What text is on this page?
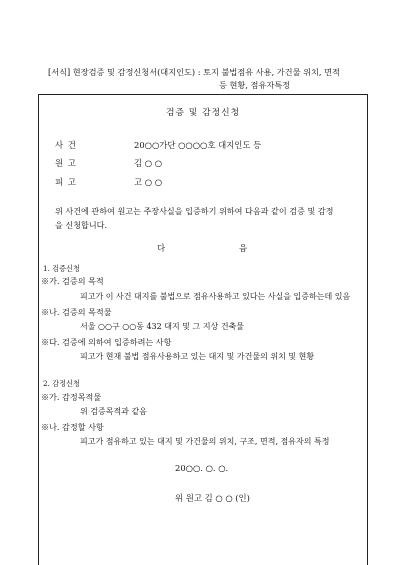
[서식] 현장검증 및 감정신청서(대지인도) : 토지 불법점유 사용, 가건물 위치, 면적
등 현황, 점유자특정
검증 및 감정신청
사 건	20○○가단 ○○○○호 대지인도 등
원 고	김 ○ ○
피 고	고 ○ ○
위 사건에 관하여 원고는 주장사실을 입증하기 위하여 다음과 같이 검증 및 감정
을 신청합니다.
다	음
1. 검증신청
※가. 검증의 목적
피고가 이 사건 대지를 불법으로 점유사용하고 있다는 사실을 입증하는데 있음
※나. 검증의 목적물
서울 ○○구 ○○동 432 대지 및 그 지상 건축물
※다. 검증에 의하여 입증하려는 사항
피고가 현재 불법 점유사용하고 있는 대지 및 가건물의 위치 및 현황
2. 감정신청
※가. 감정목적물
위 검증목적과 같음
※나. 감정할 사항
피고가 점유하고 있는 대지 및 가건물의 위치, 구조, 면적, 점유자의 특정
20○○. ○. ○.
위 원고 김 ○ ○ (인)
